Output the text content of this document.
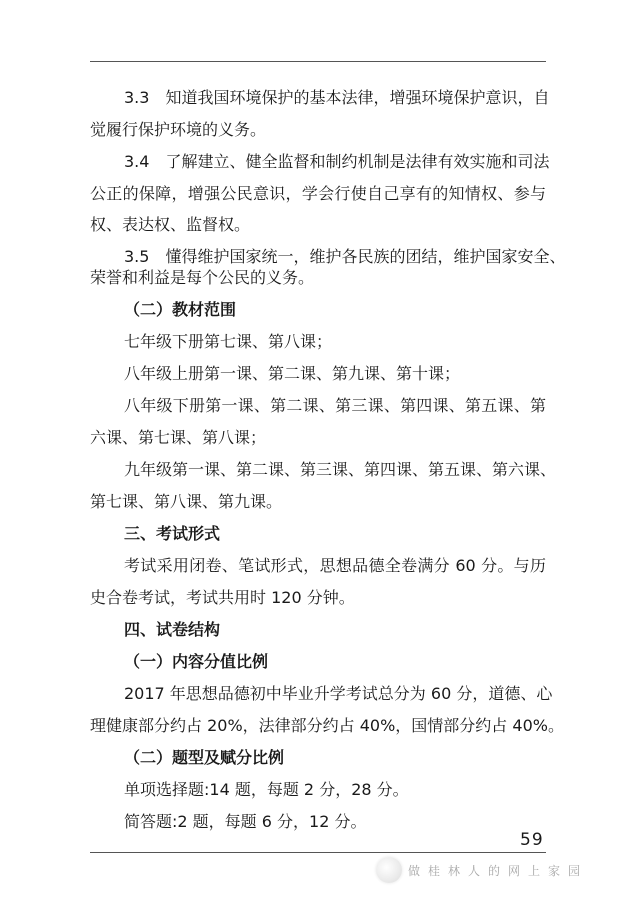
3.3　知道我国环境保护的基本法律，增强环境保护意识，自
觉履行保护环境的义务。
3.4　了解建立、健全监督和制约机制是法律有效实施和司法
公正的保障，增强公民意识，学会行使自己享有的知情权、参与
权、表达权、监督权。
3.5　懂得维护国家统一，维护各民族的团结，维护国家安全、
荣誉和利益是每个公民的义务。
（二）教材范围
七年级下册第七课、第八课；
八年级上册第一课、第二课、第九课、第十课；
八年级下册第一课、第二课、第三课、第四课、第五课、第
六课、第七课、第八课；
九年级第一课、第二课、第三课、第四课、第五课、第六课、
第七课、第八课、第九课。
三、考试形式
考试采用闭卷、笔试形式，思想品德全卷满分 60 分。与历
史合卷考试，考试共用时 120 分钟。
四、试卷结构
（一）内容分值比例
2017 年思想品德初中毕业升学考试总分为 60 分，道德、心
理健康部分约占 20%，法律部分约占 40%，国情部分约占 40%。
（二）题型及赋分比例
单项选择题:14 题，每题 2 分，28 分。
简答题:2 题，每题 6 分，12 分。
59
做桂林人的网上家园
